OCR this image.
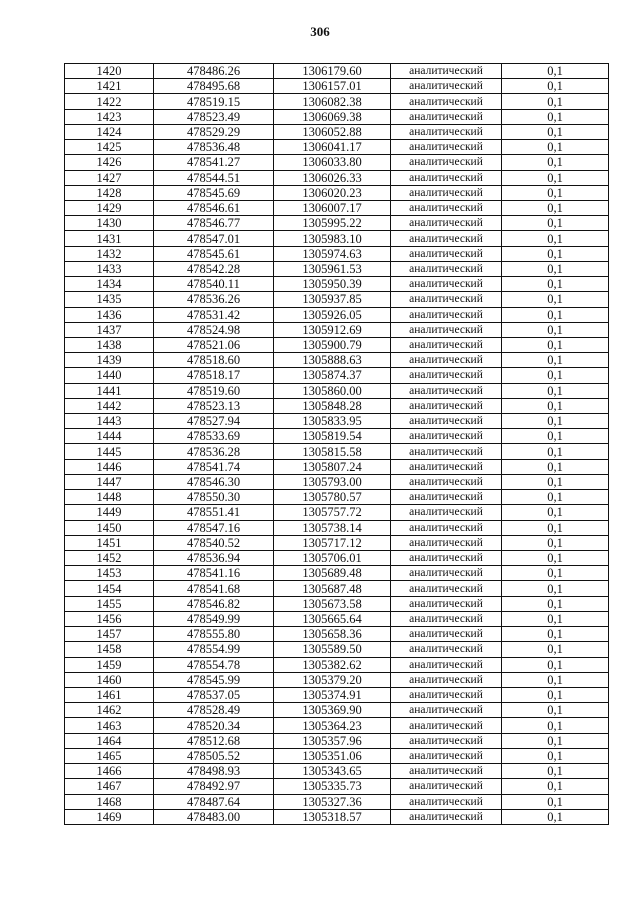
306
1420	478486.26	1306179.60	аналитический	0,1
1421	478495.68	1306157.01	аналитический	0,1
1422	478519.15	1306082.38	аналитический	0,1
1423	478523.49	1306069.38	аналитический	0,1
1424	478529.29	1306052.88	аналитический	0,1
1425	478536.48	1306041.17	аналитический	0,1
1426	478541.27	1306033.80	аналитический	0,1
1427	478544.51	1306026.33	аналитический	0,1
1428	478545.69	1306020.23	аналитический	0,1
1429	478546.61	1306007.17	аналитический	0,1
1430	478546.77	1305995.22	аналитический	0,1
1431	478547.01	1305983.10	аналитический	0,1
1432	478545.61	1305974.63	аналитический	0,1
1433	478542.28	1305961.53	аналитический	0,1
1434	478540.11	1305950.39	аналитический	0,1
1435	478536.26	1305937.85	аналитический	0,1
1436	478531.42	1305926.05	аналитический	0,1
1437	478524.98	1305912.69	аналитический	0,1
1438	478521.06	1305900.79	аналитический	0,1
1439	478518.60	1305888.63	аналитический	0,1
1440	478518.17	1305874.37	аналитический	0,1
1441	478519.60	1305860.00	аналитический	0,1
1442	478523.13	1305848.28	аналитический	0,1
1443	478527.94	1305833.95	аналитический	0,1
1444	478533.69	1305819.54	аналитический	0,1
1445	478536.28	1305815.58	аналитический	0,1
1446	478541.74	1305807.24	аналитический	0,1
1447	478546.30	1305793.00	аналитический	0,1
1448	478550.30	1305780.57	аналитический	0,1
1449	478551.41	1305757.72	аналитический	0,1
1450	478547.16	1305738.14	аналитический	0,1
1451	478540.52	1305717.12	аналитический	0,1
1452	478536.94	1305706.01	аналитический	0,1
1453	478541.16	1305689.48	аналитический	0,1
1454	478541.68	1305687.48	аналитический	0,1
1455	478546.82	1305673.58	аналитический	0,1
1456	478549.99	1305665.64	аналитический	0,1
1457	478555.80	1305658.36	аналитический	0,1
1458	478554.99	1305589.50	аналитический	0,1
1459	478554.78	1305382.62	аналитический	0,1
1460	478545.99	1305379.20	аналитический	0,1
1461	478537.05	1305374.91	аналитический	0,1
1462	478528.49	1305369.90	аналитический	0,1
1463	478520.34	1305364.23	аналитический	0,1
1464	478512.68	1305357.96	аналитический	0,1
1465	478505.52	1305351.06	аналитический	0,1
1466	478498.93	1305343.65	аналитический	0,1
1467	478492.97	1305335.73	аналитический	0,1
1468	478487.64	1305327.36	аналитический	0,1
1469	478483.00	1305318.57	аналитический	0,1
